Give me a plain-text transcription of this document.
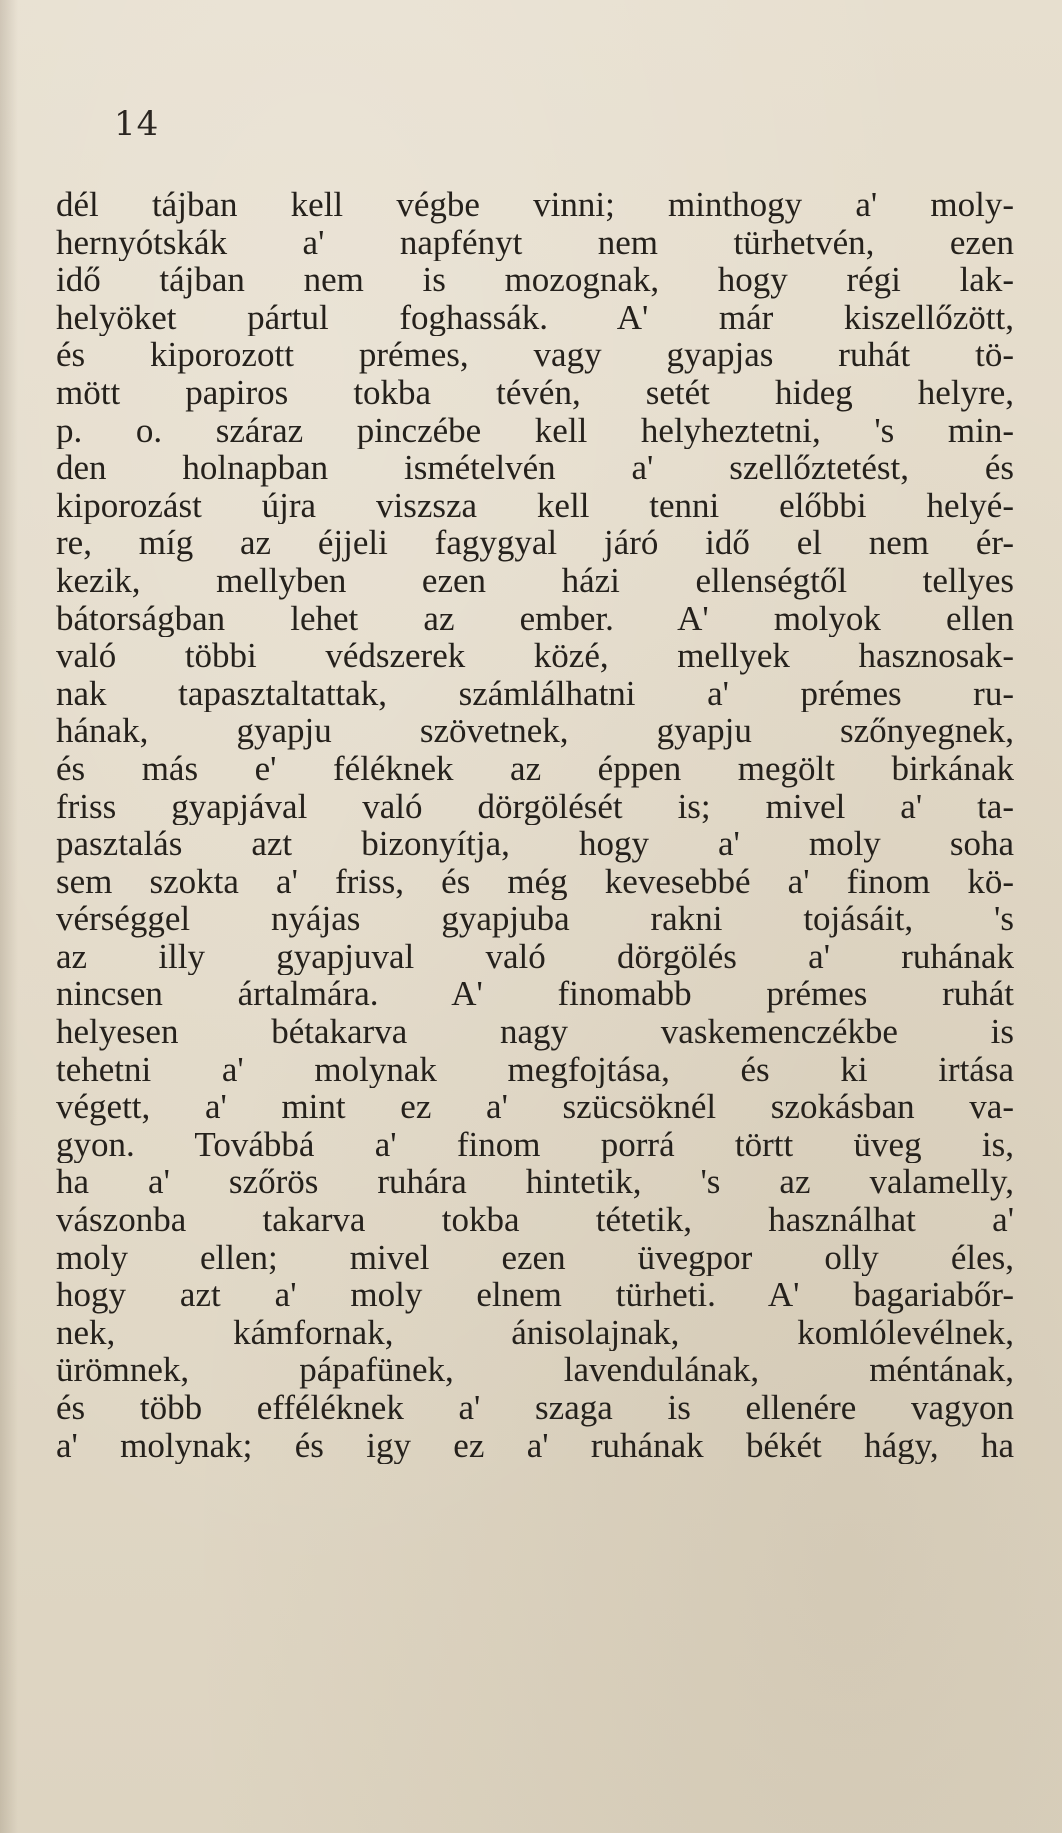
14
dél tájban kell végbe vinni; minthogy a' moly-
hernyótskák a' napfényt nem türhetvén, ezen
idő tájban nem is mozognak, hogy régi lak-
helyöket pártul foghassák. A' már kiszellőzött,
és kiporozott prémes, vagy gyapjas ruhát tö-
mött papiros tokba tévén, setét hideg helyre,
p. o. száraz pinczébe kell helyheztetni, 's min-
den holnapban ismételvén a' szellőztetést, és
kiporozást újra viszsza kell tenni előbbi helyé-
re, míg az éjjeli fagygyal járó idő el nem ér-
kezik, mellyben ezen házi ellenségtől tellyes
bátorságban lehet az ember. A' molyok ellen
való többi védszerek közé, mellyek hasznosak-
nak tapasztaltattak, számlálhatni a' prémes ru-
hának, gyapju szövetnek, gyapju szőnyegnek,
és más e' féléknek az éppen megölt birkának
friss gyapjával való dörgölését is; mivel a' ta-
pasztalás azt bizonyítja, hogy a' moly soha
sem szokta a' friss, és még kevesebbé a' finom kö-
vérséggel nyájas gyapjuba rakni tojásáit, 's
az illy gyapjuval való dörgölés a' ruhának
nincsen ártalmára. A' finomabb prémes ruhát
helyesen bétakarva nagy vaskemenczékbe is
tehetni a' molynak megfojtása, és ki irtása
végett, a' mint ez a' szücsöknél szokásban va-
gyon. Továbbá a' finom porrá törtt üveg is,
ha a' szőrös ruhára hintetik, 's az valamelly,
vászonba takarva tokba tétetik, használhat a'
moly ellen; mivel ezen üvegpor olly éles,
hogy azt a' moly elnem türheti. A' bagariabőr-
nek, kámfornak, ánisolajnak, komlólevélnek,
ürömnek, pápafünek, lavendulának, méntának,
és több efféléknek a' szaga is ellenére vagyon
a' molynak; és igy ez a' ruhának békét hágy, ha
